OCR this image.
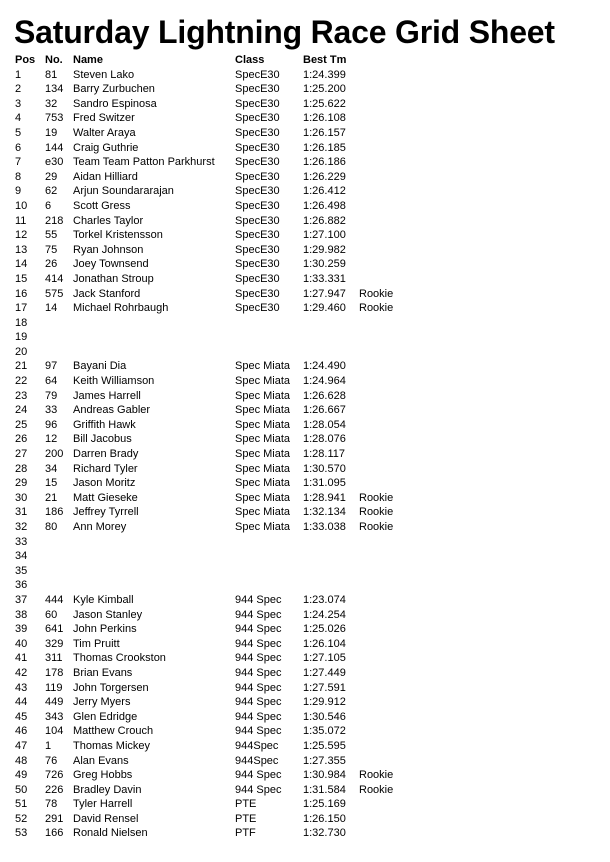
Saturday Lightning Race Grid Sheet
Pos No. Name	Class	Best Tm
1 81 Steven Lako	SpecE30 1:24.399
2 134 Barry Zurbuchen	SpecE30 1:25.200
3 32 Sandro Espinosa	SpecE30 1:25.622
4 753 Fred Switzer	SpecE30 1:26.108
5 19 Walter Araya	SpecE30 1:26.157
6 144 Craig Guthrie	SpecE30 1:26.185
7 e30 Team Team Patton Parkhurst SpecE30 1:26.186
8 29 Aidan Hilliard	SpecE30 1:26.229
9 62 Arjun Soundararajan	SpecE30 1:26.412
10 6 Scott Gress	SpecE30 1:26.498
11 218 Charles Taylor	SpecE30 1:26.882
12 55 Torkel Kristensson	SpecE30 1:27.100
13 75 Ryan Johnson	SpecE30 1:29.982
14 26 Joey Townsend	SpecE30 1:30.259
15 414 Jonathan Stroup	SpecE30 1:33.331
16 575 Jack Stanford	SpecE30 1:27.947 Rookie
17 14 Michael Rohrbaugh	SpecE30 1:29.460 Rookie
18
19
20
21 97 Bayani Dia	Spec Miata 1:24.490
22 64 Keith Williamson	Spec Miata 1:24.964
23 79 James Harrell	Spec Miata 1:26.628
24 33 Andreas Gabler	Spec Miata 1:26.667
25 96 Griffith Hawk	Spec Miata 1:28.054
26 12 Bill Jacobus	Spec Miata 1:28.076
27 200 Darren Brady	Spec Miata 1:28.117
28 34 Richard Tyler	Spec Miata 1:30.570
29 15 Jason Moritz	Spec Miata 1:31.095
30 21 Matt Gieseke	Spec Miata 1:28.941 Rookie
31 186 Jeffrey Tyrrell	Spec Miata 1:32.134 Rookie
32 80 Ann Morey	Spec Miata 1:33.038 Rookie
33
34
35
36
37 444 Kyle Kimball	944 Spec 1:23.074
38 60 Jason Stanley	944 Spec 1:24.254
39 641 John Perkins	944 Spec 1:25.026
40 329 Tim Pruitt	944 Spec 1:26.104
41 311 Thomas Crookston	944 Spec 1:27.105
42 178 Brian Evans	944 Spec 1:27.449
43 119 John Torgersen	944 Spec 1:27.591
44 449 Jerry Myers	944 Spec 1:29.912
45 343 Glen Edridge	944 Spec 1:30.546
46 104 Matthew Crouch	944 Spec 1:35.072
47 1 Thomas Mickey	944Spec 1:25.595
48 76 Alan Evans	944Spec 1:27.355
49 726 Greg Hobbs	944 Spec 1:30.984 Rookie
50 226 Bradley Davin	944 Spec 1:31.584 Rookie
51 78 Tyler Harrell	PTE	1:25.169
52 291 David Rensel	PTE	1:26.150
53 166 Ronald Nielsen	PTF	1:32.730
